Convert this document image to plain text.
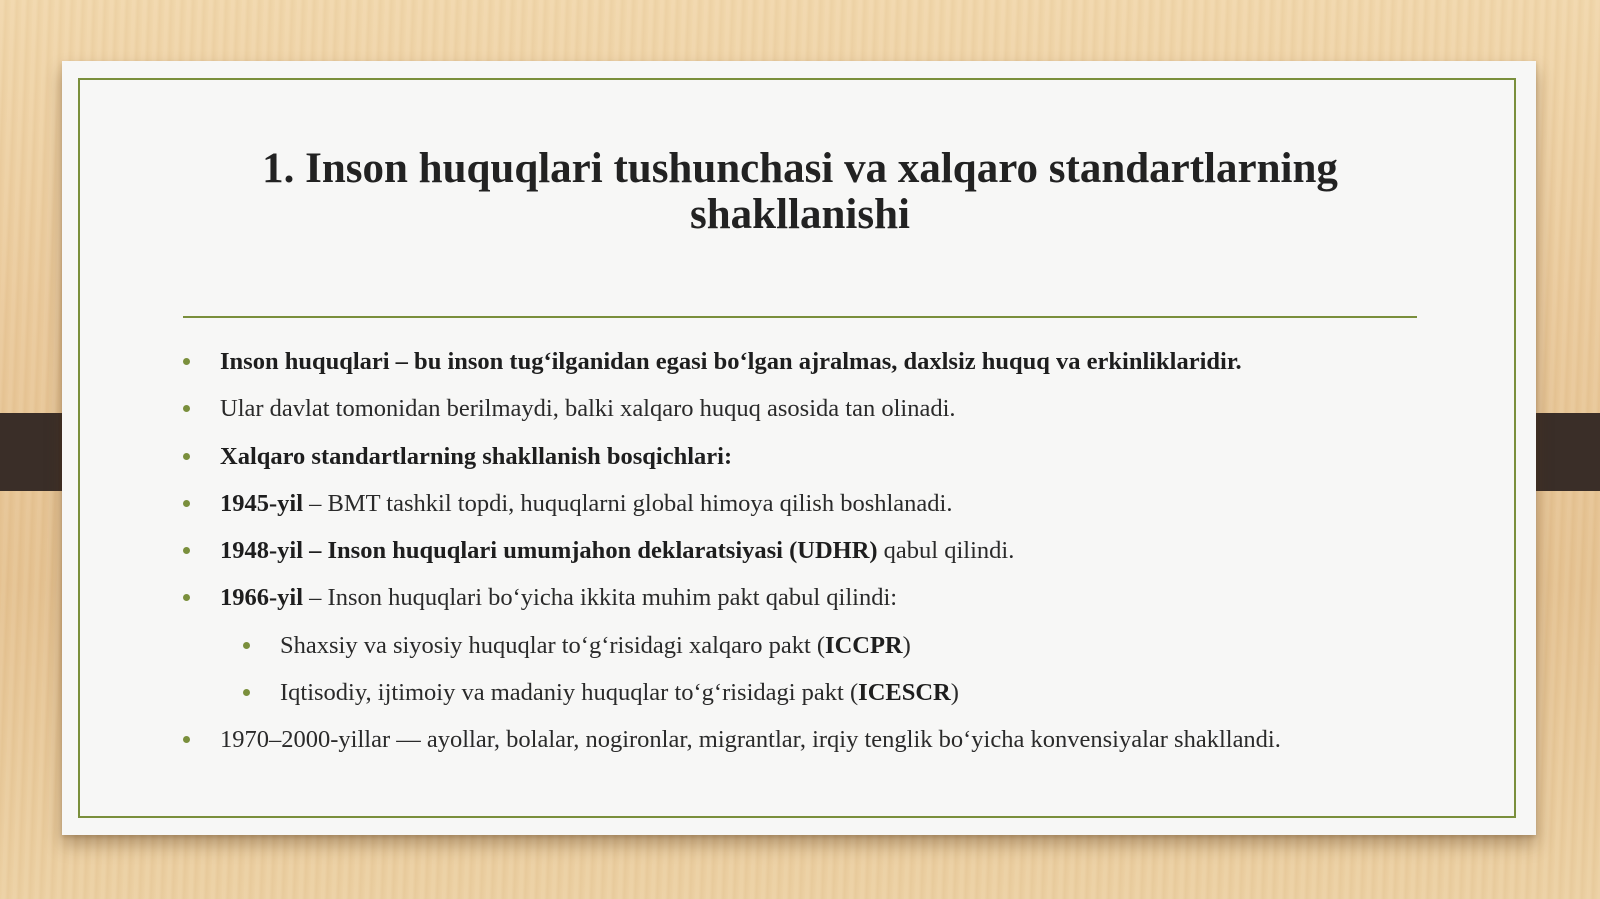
1. Inson huquqlari tushunchasi va xalqaro standartlarning
shakllanishi
Inson huquqlari – bu inson tug‘ilganidan egasi bo‘lgan ajralmas, daxlsiz huquq va erkinliklaridir.
Ular davlat tomonidan berilmaydi, balki xalqaro huquq asosida tan olinadi.
Xalqaro standartlarning shakllanish bosqichlari:
1945-yil – BMT tashkil topdi, huquqlarni global himoya qilish boshlanadi.
1948-yil – Inson huquqlari umumjahon deklaratsiyasi (UDHR) qabul qilindi.
1966-yil – Inson huquqlari bo‘yicha ikkita muhim pakt qabul qilindi:
Shaxsiy va siyosiy huquqlar to‘g‘risidagi xalqaro pakt (ICCPR)
Iqtisodiy, ijtimoiy va madaniy huquqlar to‘g‘risidagi pakt (ICESCR)
1970–2000-yillar — ayollar, bolalar, nogironlar, migrantlar, irqiy tenglik bo‘yicha konvensiyalar shakllandi.
